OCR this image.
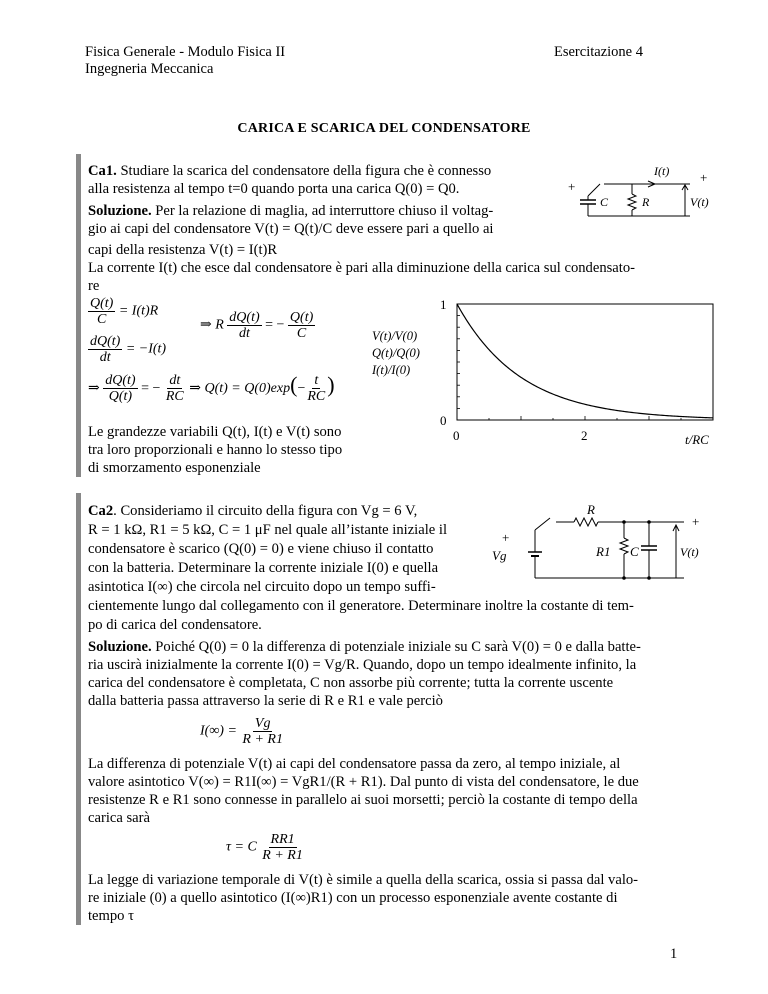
Fisica Generale - Modulo Fisica II
Ingegneria Meccanica
Esercitazione 4
CARICA E SCARICA DEL CONDENSATORE
Ca1. Studiare la scarica del condensatore della figura che è connesso
alla resistenza al tempo t=0 quando porta una carica Q(0) = Q0.
Soluzione. Per la relazione di maglia, ad interruttore chiuso il voltag-
gio ai capi del condensatore V(t) = Q(t)/C deve essere pari a quello ai
capi della resistenza V(t) = I(t)R
La corrente I(t) che esce dal condensatore è pari alla diminuzione della carica sul condensato-
re
I(t) +
+
C	R	V(t)
$\frac{Q(t)}{C} = I(t)R$
⇒ R $\frac{dQ(t)}{dt}$ = − $\frac{Q(t)}{C}$
$\frac{dQ(t)}{dt} = -I(t)$
⇒ $\frac{dQ(t)}{Q(t)}$ = − $\frac{dt}{RC}$ ⇒ $Q(t) = Q(0)\exp(- \frac{t}{RC}$ )
Le grandezze variabili Q(t), I(t) e V(t) sono
tra loro proporzionali e hanno lo stesso tipo
di smorzamento esponenziale
1
0
0	2	t/RC
V(t)/V(0)
Q(t)/Q(0)
I(t)/I(0)
Ca2. Consideriamo il circuito della figura con Vg = 6 V,
R = 1 kΩ, R1 = 5 kΩ, C = 1 μF nel quale all’istante iniziale il
condensatore è scarico (Q(0) = 0) e viene chiuso il contatto
con la batteria. Determinare la corrente iniziale I(0) e quella
asintotica I(∞) che circola nel circuito dopo un tempo suffi-
cientemente lungo dal collegamento con il generatore. Determinare inoltre la costante di tem-
po di carica del condensatore.
Soluzione. Poiché Q(0) = 0 la differenza di potenziale iniziale su C sarà V(0) = 0 e dalla batte-
ria uscirà inizialmente la corrente I(0) = Vg/R. Quando, dopo un tempo idealmente infinito, la
carica del condensatore è completata, C non assorbe più corrente; tutta la corrente uscente
dalla batteria passa attraverso la serie di R e R1 e vale perciò
$I(\infty) = \frac{Vg}{R + R1}$
La differenza di potenziale V(t) ai capi del condensatore passa da zero, al tempo iniziale, al
valore asintotico V(∞) = R1I(∞) = VgR1/(R + R1). Dal punto di vista del condensatore, le due
resistenze R e R1 sono connesse in parallelo ai suoi morsetti; perciò la costante di tempo della
carica sarà
τ = C $\frac{RR1}{R + R1}$
La legge di variazione temporale di V(t) è simile a quella della scarica, ossia si passa dal valo-
re iniziale (0) a quello asintotico (I(∞)R1) con un processo esponenziale avente costante di
tempo τ
R
+
+
Vg	R1 C	V(t)
1
